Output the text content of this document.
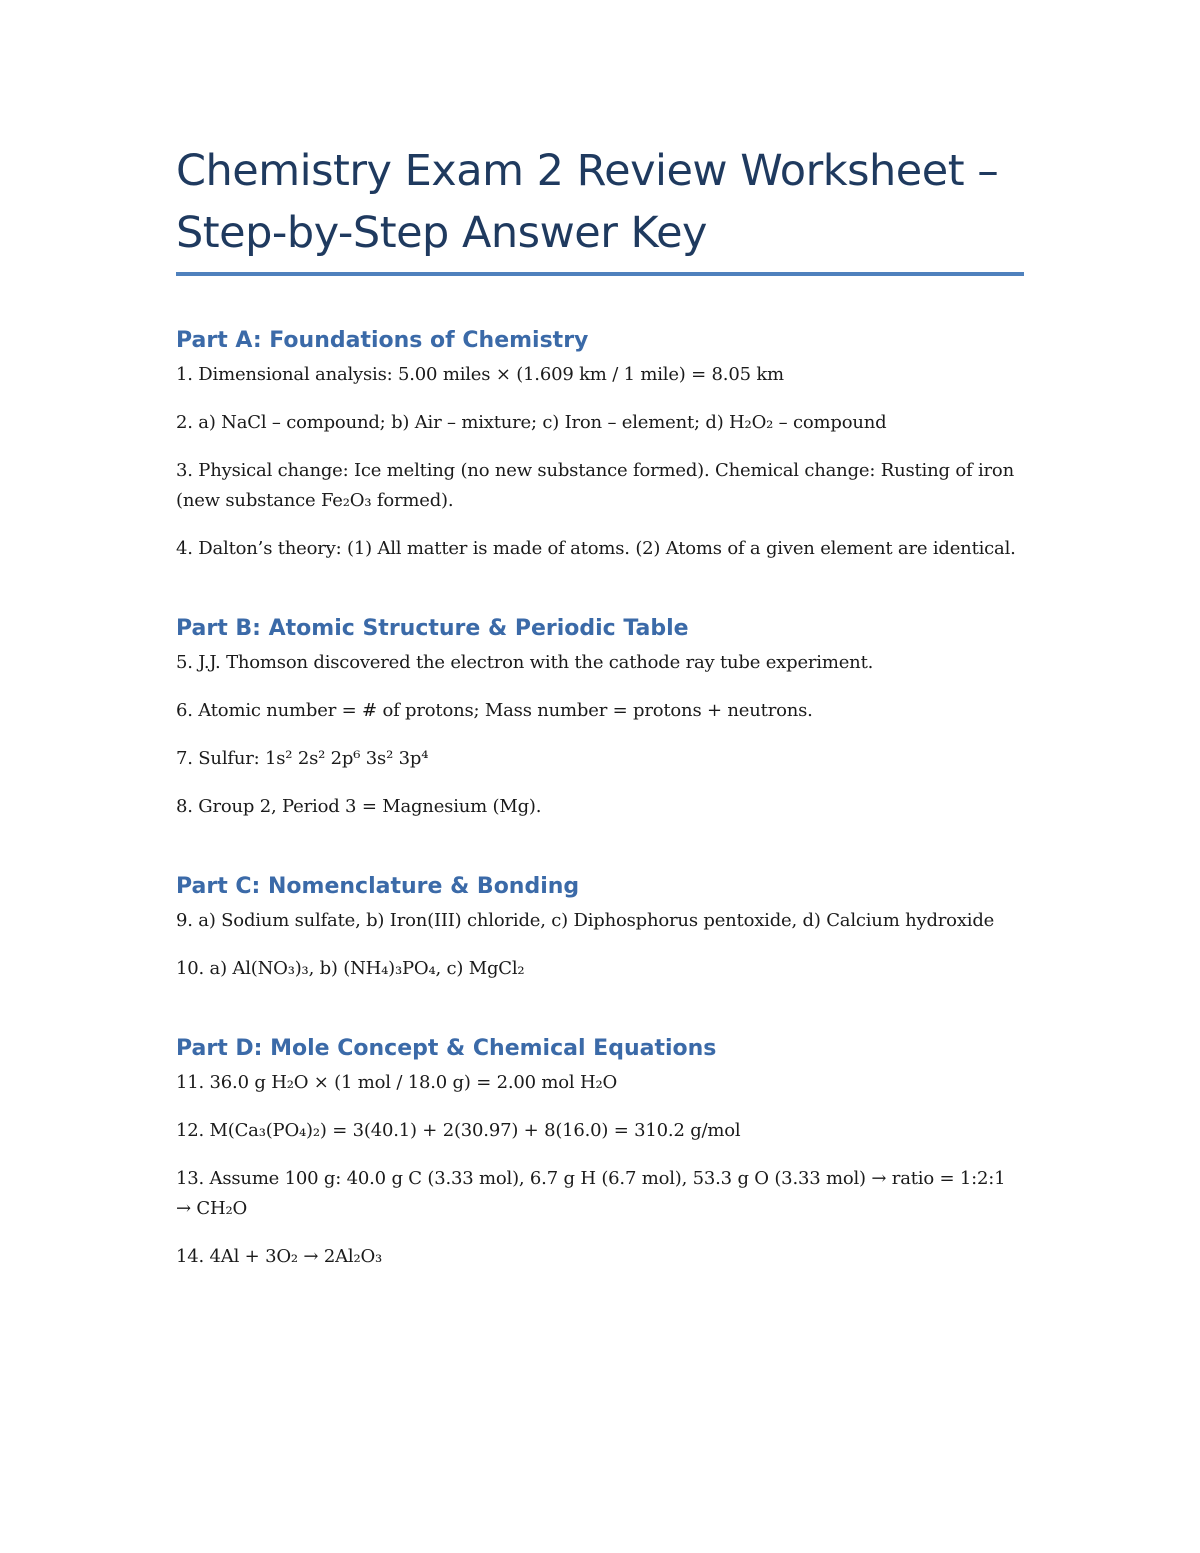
Chemistry Exam 2 Review Worksheet –
Step-by-Step Answer Key
Part A: Foundations of Chemistry

1. Dimensional analysis: 5.00 miles × (1.609 km / 1 mile) = 8.05 km

2. a) NaCl – compound; b) Air – mixture; c) Iron – element; d) H₂O₂ – compound

3. Physical change: Ice melting (no new substance formed). Chemical change: Rusting of iron (new substance Fe₂O₃ formed).

4. Dalton’s theory: (1) All matter is made of atoms. (2) Atoms of a given element are identical.

Part B: Atomic Structure & Periodic Table

5. J.J. Thomson discovered the electron with the cathode ray tube experiment.

6. Atomic number = # of protons; Mass number = protons + neutrons.

7. Sulfur: 1s² 2s² 2p⁶ 3s² 3p⁴

8. Group 2, Period 3 = Magnesium (Mg).

Part C: Nomenclature & Bonding

9. a) Sodium sulfate, b) Iron(III) chloride, c) Diphosphorus pentoxide, d) Calcium hydroxide

10. a) Al(NO₃)₃, b) (NH₄)₃PO₄, c) MgCl₂

Part D: Mole Concept & Chemical Equations

11. 36.0 g H₂O × (1 mol / 18.0 g) = 2.00 mol H₂O

12. M(Ca₃(PO₄)₂) = 3(40.1) + 2(30.97) + 8(16.0) = 310.2 g/mol

13. Assume 100 g: 40.0 g C (3.33 mol), 6.7 g H (6.7 mol), 53.3 g O (3.33 mol) → ratio = 1:2:1 → CH₂O

14. 4Al + 3O₂ → 2Al₂O₃
